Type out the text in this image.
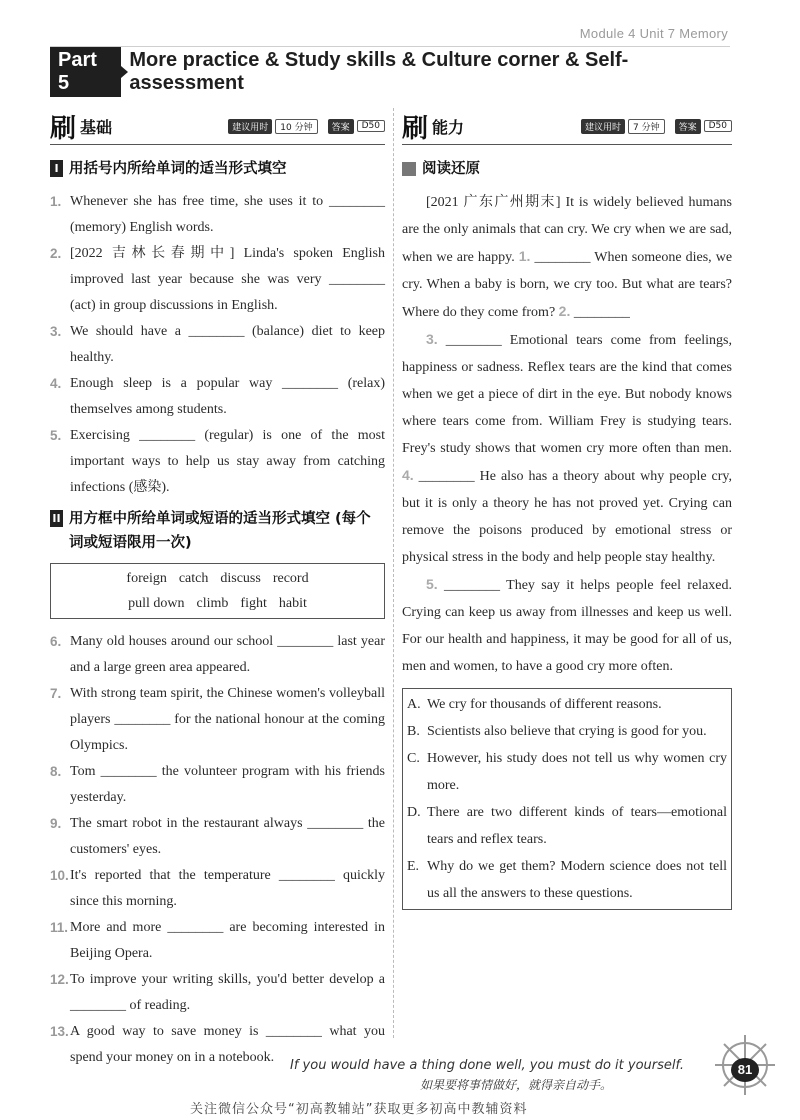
Module 4 Unit 7 Memory
Part 5
More practice & Study skills & Culture corner & Self-assessment
刷 基础	建议用时	10 分钟	答案	D50
I 用括号内所给单词的适当形式填空
1. Whenever she has free time, she uses it to ________ (memory) English words.
2. [2022 吉林长春期中] Linda's spoken English improved last year because she was very ________ (act) in group discussions in English.
3. We should have a ________ (balance) diet to keep healthy.
4. Enough sleep is a popular way ________ (relax) themselves among students.
5. Exercising ________ (regular) is one of the most important ways to help us stay away from catching infections (感染).
II 用方框中所给单词或短语的适当形式填空 (每个词或短语限用一次)
foreign catch discuss record
pull down climb fight habit
6. Many old houses around our school ________ last year and a large green area appeared.
7. With strong team spirit, the Chinese women's volleyball players ________ for the national honour at the coming Olympics.
8. Tom ________ the volunteer program with his friends yesterday.
9. The smart robot in the restaurant always ________ the customers' eyes.
10. It's reported that the temperature ________ quickly since this morning.
11. More and more ________ are becoming interested in Beijing Opera.
12. To improve your writing skills, you'd better develop a ________ of reading.
13. A good way to save money is ________ what you spend your money on in a notebook.
刷 能力	建议用时	7 分钟	答案	D50
阅读还原

[2021 广东广州期末] It is widely believed humans are the only animals that can cry. We cry when we are sad, when we are happy. 1. ________ When someone dies, we cry. When a baby is born, we cry too. But what are tears? Where do they come from? 2. ________

3. ________ Emotional tears come from feelings, happiness or sadness. Reflex tears are the kind that comes when we get a piece of dirt in the eye. But nobody knows where tears come from. William Frey is studying tears. Frey's study shows that women cry more often than men. 4. ________ He also has a theory about why people cry, but it is only a theory he has not proved yet. Crying can remove the poisons produced by emotional stress or physical stress in the body and help people stay healthy.

5. ________ They say it helps people feel relaxed. Crying can keep us away from illnesses and keep us well. For our health and happiness, it may be good for all of us, men and women, to have a good cry more often.

A. We cry for thousands of different reasons.
B. Scientists also believe that crying is good for you.
C. However, his study does not tell us why women cry more.
D. There are two different kinds of tears—emotional tears and reflex tears.
E. Why do we get them? Modern science does not tell us all the answers to these questions.
If you would have a thing done well, you must do it yourself.
如果要将事情做好，就得亲自动手。
81
关注微信公众号“初高教辅站”获取更多初高中教辅资料
